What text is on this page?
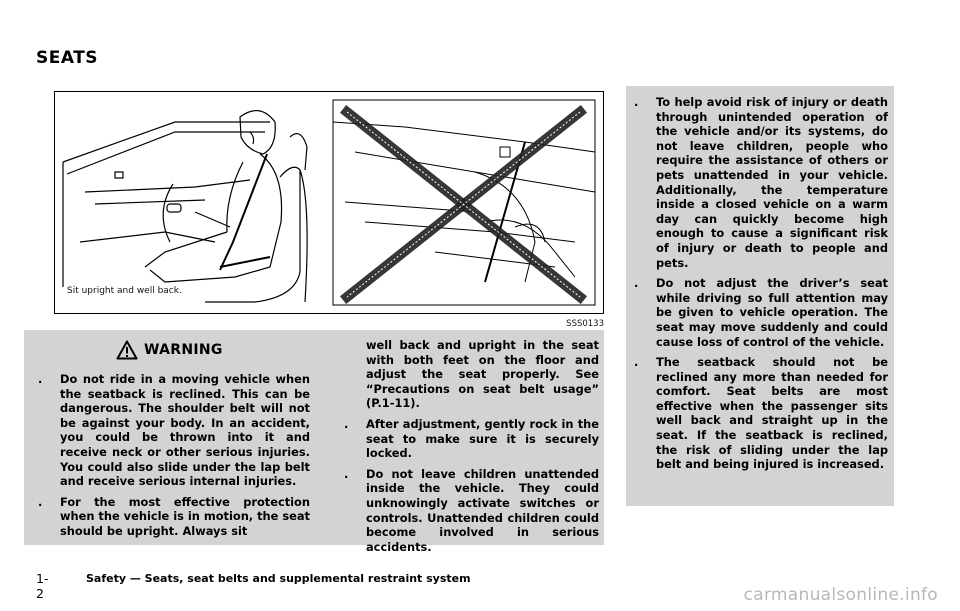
SEATS
Sit upright and well back.
SSS0133
WARNING

.	Do not ride in a moving vehicle when the seatback is reclined. This can be dangerous. The shoulder belt will not be against your body. In an accident, you could be thrown into it and receive neck or other serious injuries. You could also slide under the lap belt and receive serious internal injuries.

.	For the most effective protection when the vehicle is in motion, the seat should be upright. Always sit

well back and upright in the seat with both feet on the floor and adjust the seat properly. See “Precautions on seat belt usage” (P.1-11).

.	After adjustment, gently rock in the seat to make sure it is securely locked.

.	Do not leave children unattended inside the vehicle. They could unknowingly activate switches or controls. Unattended children could become involved in serious accidents.

.	To help avoid risk of injury or death through unintended operation of the vehicle and/or its systems, do not leave children, people who require the assistance of others or pets unattended in your vehicle. Additionally, the temperature inside a closed vehicle on a warm day can quickly become high enough to cause a significant risk of injury or death to people and pets.

.	Do not adjust the driver’s seat while driving so full attention may be given to vehicle operation. The seat may move suddenly and could cause loss of control of the vehicle.

.	The seatback should not be reclined any more than needed for comfort. Seat belts are most effective when the passenger sits well back and straight up in the seat. If the seatback is reclined, the risk of sliding under the lap belt and being injured is increased.

1-2
Safety — Seats, seat belts and supplemental restraint system
carmanualsonline.info
